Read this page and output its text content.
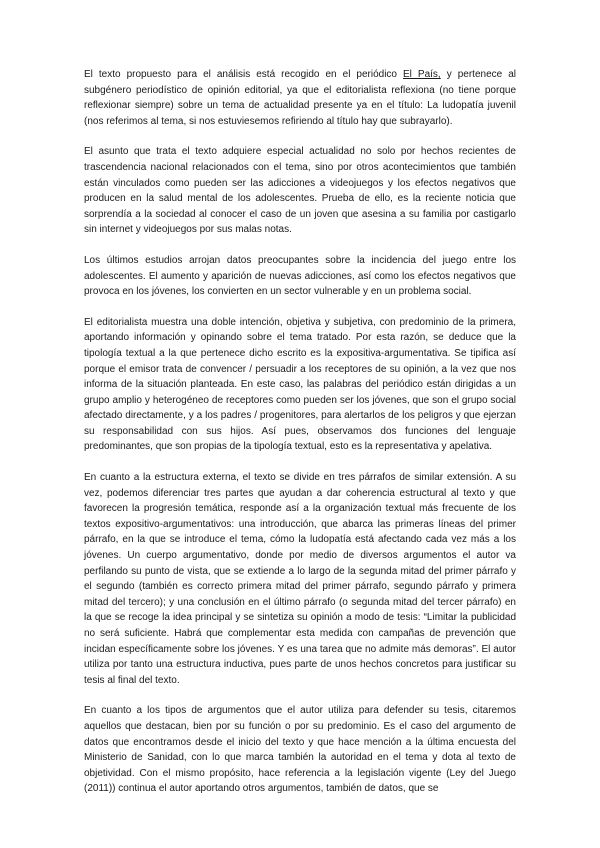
El texto propuesto para el análisis está recogido en el periódico El País, y pertenece al subgénero periodístico de opinión editorial, ya que el editorialista reflexiona (no tiene porque reflexionar siempre) sobre un tema de actualidad presente ya en el título: La ludopatía juvenil (nos referimos al tema, si nos estuviesemos refiriendo al título hay que subrayarlo).

El asunto que trata el texto adquiere especial actualidad no solo por hechos recientes de trascendencia nacional relacionados con el tema, sino por otros acontecimientos que también están vinculados como pueden ser las adicciones a videojuegos y los efectos negativos que producen en la salud mental de los adolescentes. Prueba de ello, es la reciente noticia que sorprendía a la sociedad al conocer el caso de un joven que asesina a su familia por castigarlo sin internet y videojuegos por sus malas notas.

Los últimos estudios arrojan datos preocupantes sobre la incidencia del juego entre los adolescentes. El aumento y aparición de nuevas adicciones, así como los efectos negativos que provoca en los jóvenes, los convierten en un sector vulnerable y en un problema social.

El editorialista muestra una doble intención, objetiva y subjetiva, con predominio de la primera, aportando información y opinando sobre el tema tratado. Por esta razón, se deduce que la tipología textual a la que pertenece dicho escrito es la expositiva-argumentativa. Se tipifica así porque el emisor trata de convencer / persuadir a los receptores de su opinión, a la vez que nos informa de la situación planteada. En este caso, las palabras del periódico están dirigidas a un grupo amplio y heterogéneo de receptores como pueden ser los jóvenes, que son el grupo social afectado directamente, y a los padres / progenitores, para alertarlos de los peligros y que ejerzan su responsabilidad con sus hijos. Así pues, observamos dos funciones del lenguaje predominantes, que son propias de la tipología textual, esto es la representativa y apelativa.

En cuanto a la estructura externa, el texto se divide en tres párrafos de similar extensión. A su vez, podemos diferenciar tres partes que ayudan a dar coherencia estructural al texto y que favorecen la progresión temática, responde así a la organización textual más frecuente de los textos expositivo-argumentativos: una introducción, que abarca las primeras líneas del primer párrafo, en la que se introduce el tema, cómo la ludopatía está afectando cada vez más a los jóvenes. Un cuerpo argumentativo, donde por medio de diversos argumentos el autor va perfilando su punto de vista, que se extiende a lo largo de la segunda mitad del primer párrafo y el segundo (también es correcto primera mitad del primer párrafo, segundo párrafo y primera mitad del tercero); y una conclusión en el último párrafo (o segunda mitad del tercer párrafo) en la que se recoge la idea principal y se sintetiza su opinión a modo de tesis: “Limitar la publicidad no será suficiente. Habrá que complementar esta medida con campañas de prevención que incidan específicamente sobre los jóvenes. Y es una tarea que no admite más demoras”. El autor utiliza por tanto una estructura inductiva, pues parte de unos hechos concretos para justificar su tesis al final del texto.

En cuanto a los tipos de argumentos que el autor utiliza para defender su tesis, citaremos aquellos que destacan, bien por su función o por su predominio. Es el caso del argumento de datos que encontramos desde el inicio del texto y que hace mención a la última encuesta del Ministerio de Sanidad, con lo que marca también la autoridad en el tema y dota al texto de objetividad. Con el mismo propósito, hace referencia a la legislación vigente (Ley del Juego (2011)) continua el autor aportando otros argumentos, también de datos, que se
